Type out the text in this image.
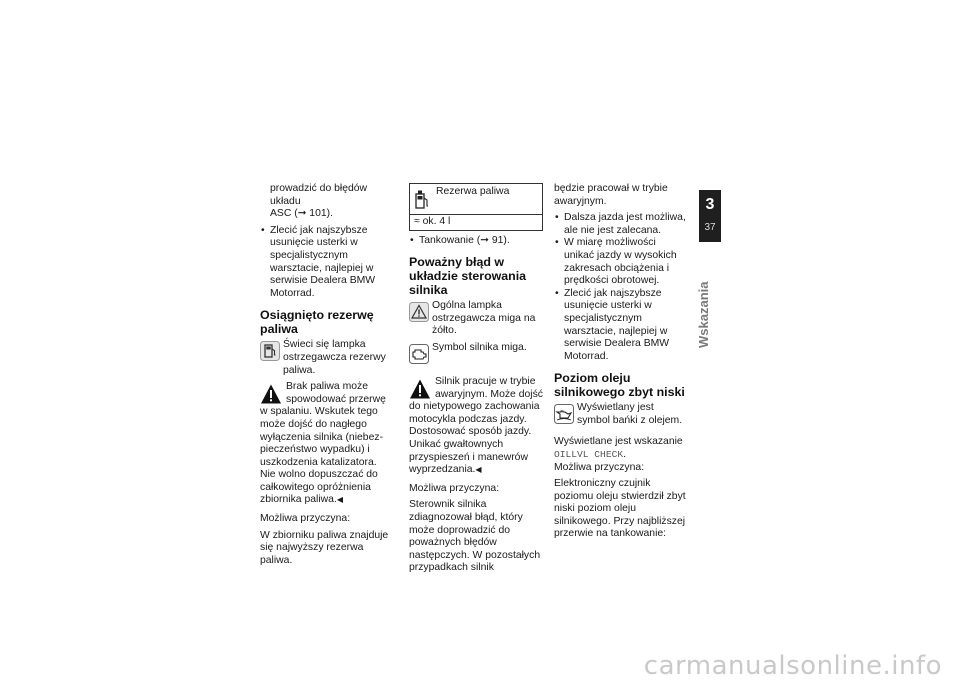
prowadzić do błędów układu
ASC (➞ 101).

• Zlecić jak najszybsze usunięcie usterki w specjalistycznym warsztacie, najlepiej w serwisie Dealera BMW Motorrad.
Osiągnięto rezerwę paliwa
Świeci się lampka ostrzegawcza rezerwy paliwa.
Brak paliwa może spowodować przerwę w spalaniu. Wskutek tego może dojść do nagłego wyłączenia silnika (niebezpieczeństwo wypadku) i uszkodzenia katalizatora. Nie wolno dopuszczać do całkowitego opróżnienia zbiornika paliwa.◀

Możliwa przyczyna:

W zbiorniku paliwa znajduje się najwyższy rezerwa paliwa.

Rezerwa paliwa
≈ ok. 4 l
• Tankowanie (➞ 91).
Poważny błąd w układzie sterowania silnika
Ogólna lampka ostrzegawcza miga na żółto.
Symbol silnika miga.
Silnik pracuje w trybie awaryjnym. Może dojść do nietypowego zachowania motocykla podczas jazdy. Dostosować sposób jazdy. Unikać gwałtownych przyspieszeń i manewrów wyprzedzania.◀

Możliwa przyczyna:

Sterownik silnika zdiagnozował błąd, który może doprowadzić do poważnych błędów następczych. W pozostałych przypadkach silnik

będzie pracował w trybie awaryjnym.

• Dalsza jazda jest możliwa, ale nie jest zalecana.
• W miarę możliwości unikać jazdy w wysokich zakresach obciążenia i prędkości obrotowej.
• Zlecić jak najszybsze usunięcie usterki w specjalistycznym warsztacie, najlepiej w serwisie Dealera BMW Motorrad.
Poziom oleju silnikowego zbyt niski
Wyświetlany jest symbol bańki z olejem.

Wyświetlane jest wskazanie
OILLVL CHECK.
Możliwa przyczyna:

Elektroniczny czujnik poziomu oleju stwierdził zbyt niski poziom oleju silnikowego. Przy najbliższej przerwie na tankowanie:

3
37
Wskazania
carmanualsonline.info
